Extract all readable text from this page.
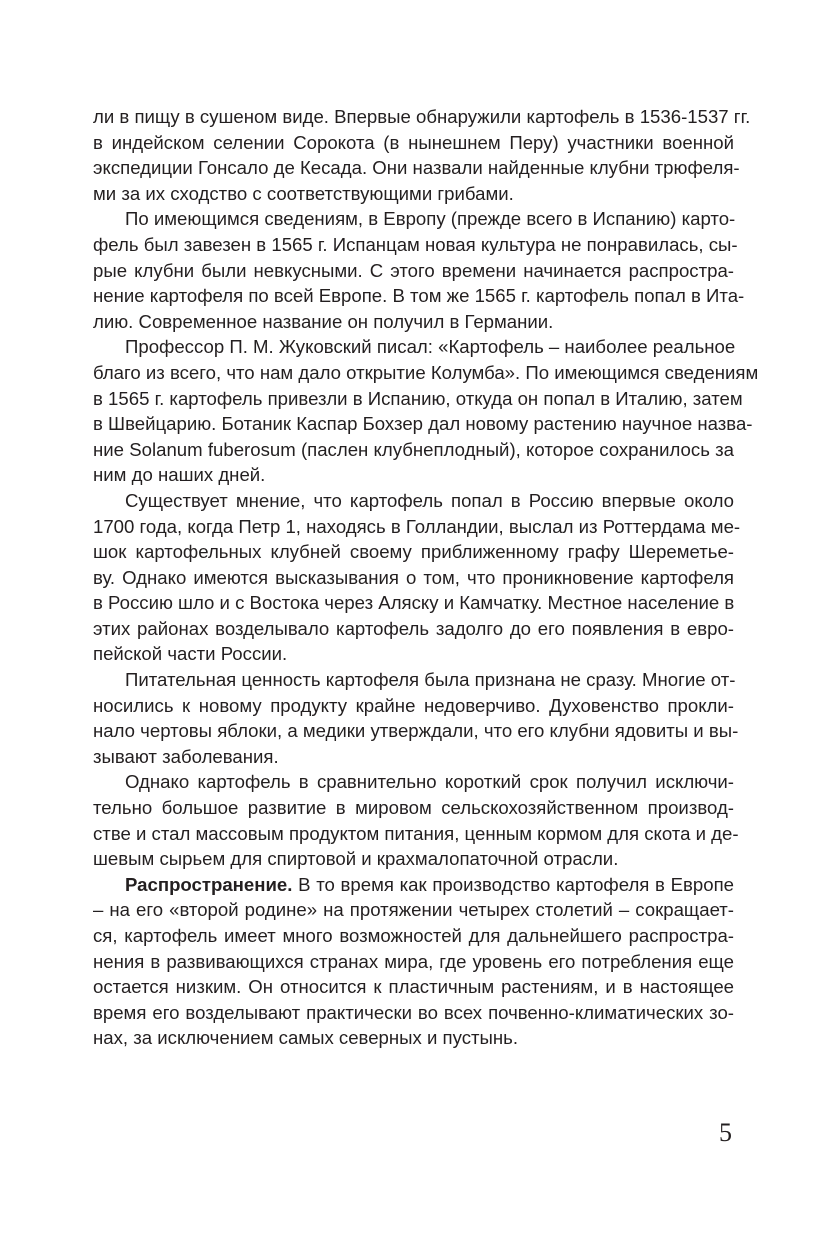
ли в пищу в сушеном виде. Впервые обнаружили картофель в 1536-1537 гг.
в индейском селении Сорокота (в нынешнем Перу) участники военной
экспедиции Гонсало де Кесада. Они назвали найденные клубни трюфеля-
ми за их сходство с соответствующими грибами.
По имеющимся сведениям, в Европу (прежде всего в Испанию) карто-
фель был завезен в 1565 г. Испанцам новая культура не понравилась, сы-
рые клубни были невкусными. С этого времени начинается распростра-
нение картофеля по всей Европе. В том же 1565 г. картофель попал в Ита-
лию. Современное название он получил в Германии.
Профессор П. М. Жуковский писал: «Картофель – наиболее реальное
благо из всего, что нам дало открытие Колумба». По имеющимся сведениям
в 1565 г. картофель привезли в Испанию, откуда он попал в Италию, затем
в Швейцарию. Ботаник Каспар Бохзер дал новому растению научное назва-
ние Solanum fuberosum (паслен клубнеплодный), которое сохранилось за
ним до наших дней.
Существует мнение, что картофель попал в Россию впервые около
1700 года, когда Петр 1, находясь в Голландии, выслал из Роттердама ме-
шок картофельных клубней своему приближенному графу Шереметье-
ву. Однако имеются высказывания о том, что проникновение картофеля
в Россию шло и с Востока через Аляску и Камчатку. Местное население в
этих районах возделывало картофель задолго до его появления в евро-
пейской части России.
Питательная ценность картофеля была признана не сразу. Многие от-
носились к новому продукту крайне недоверчиво. Духовенство прокли-
нало чертовы яблоки, а медики утверждали, что его клубни ядовиты и вы-
зывают заболевания.
Однако картофель в сравнительно короткий срок получил исключи-
тельно большое развитие в мировом сельскохозяйственном производ-
стве и стал массовым продуктом питания, ценным кормом для скота и де-
шевым сырьем для спиртовой и крахмалопаточной отрасли.
Распространение. В то время как производство картофеля в Европе
– на его «второй родине» на протяжении четырех столетий – сокращает-
ся, картофель имеет много возможностей для дальнейшего распростра-
нения в развивающихся странах мира, где уровень его потребления еще
остается низким. Он относится к пластичным растениям, и в настоящее
время его возделывают практически во всех почвенно-климатических зо-
нах, за исключением самых северных и пустынь.
5
